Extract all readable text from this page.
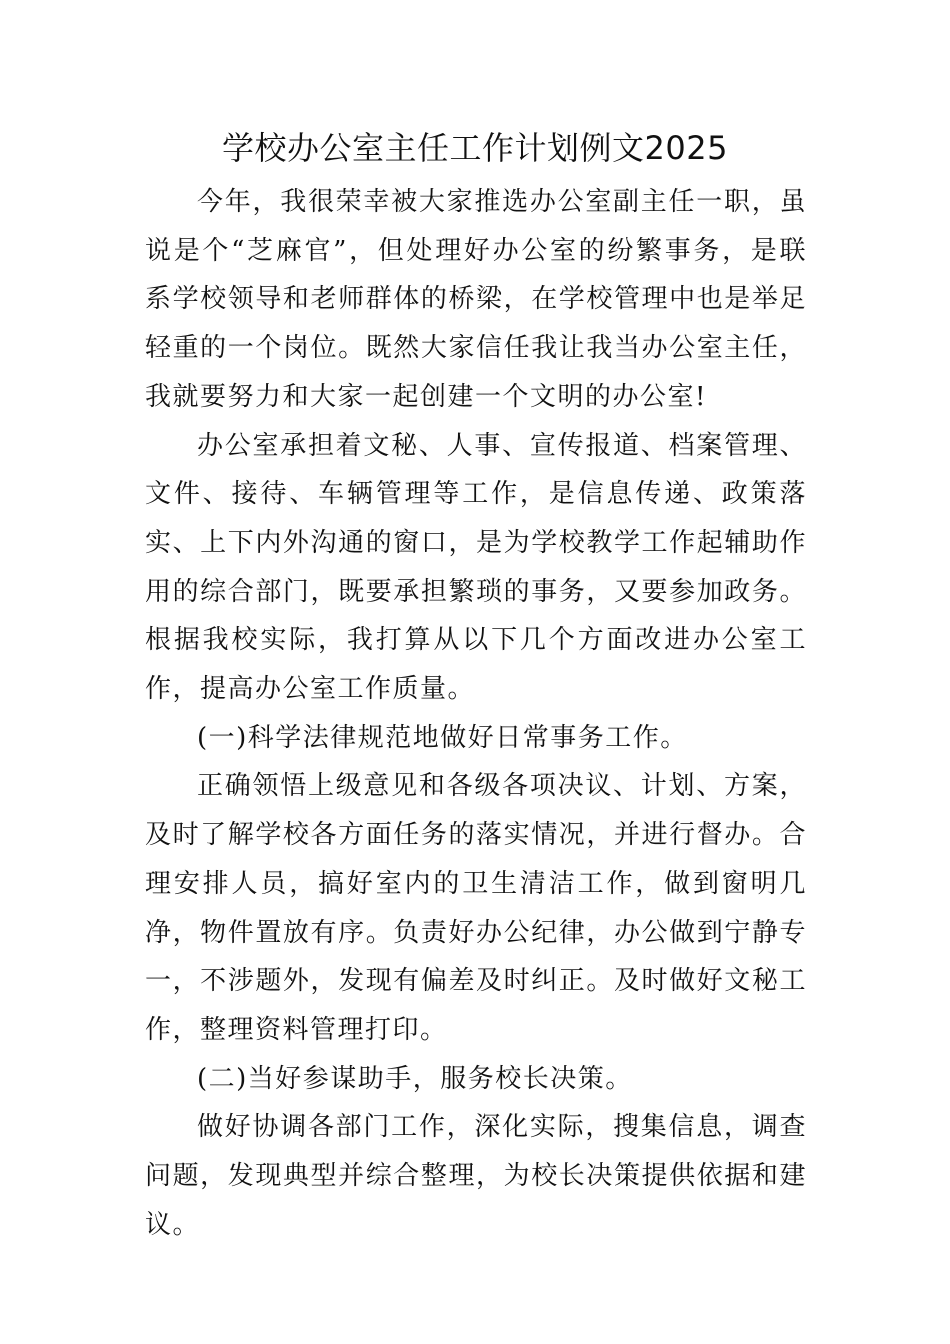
学校办公室主任工作计划例文2025

今年，我很荣幸被大家推选办公室副主任一职，虽说是个“芝麻官”，但处理好办公室的纷繁事务，是联系学校领导和老师群体的桥梁，在学校管理中也是举足轻重的一个岗位。既然大家信任我让我当办公室主任，我就要努力和大家一起创建一个文明的办公室!

办公室承担着文秘、人事、宣传报道、档案管理、文件、接待、车辆管理等工作，是信息传递、政策落实、上下内外沟通的窗口，是为学校教学工作起辅助作用的综合部门，既要承担繁琐的事务，又要参加政务。根据我校实际，我打算从以下几个方面改进办公室工作，提高办公室工作质量。

(一)科学法律规范地做好日常事务工作。

正确领悟上级意见和各级各项决议、计划、方案，及时了解学校各方面任务的落实情况，并进行督办。合理安排人员，搞好室内的卫生清洁工作，做到窗明几净，物件置放有序。负责好办公纪律，办公做到宁静专一，不涉题外，发现有偏差及时纠正。及时做好文秘工作，整理资料管理打印。

(二)当好参谋助手，服务校长决策。

做好协调各部门工作，深化实际，搜集信息，调查问题，发现典型并综合整理，为校长决策提供依据和建议。
